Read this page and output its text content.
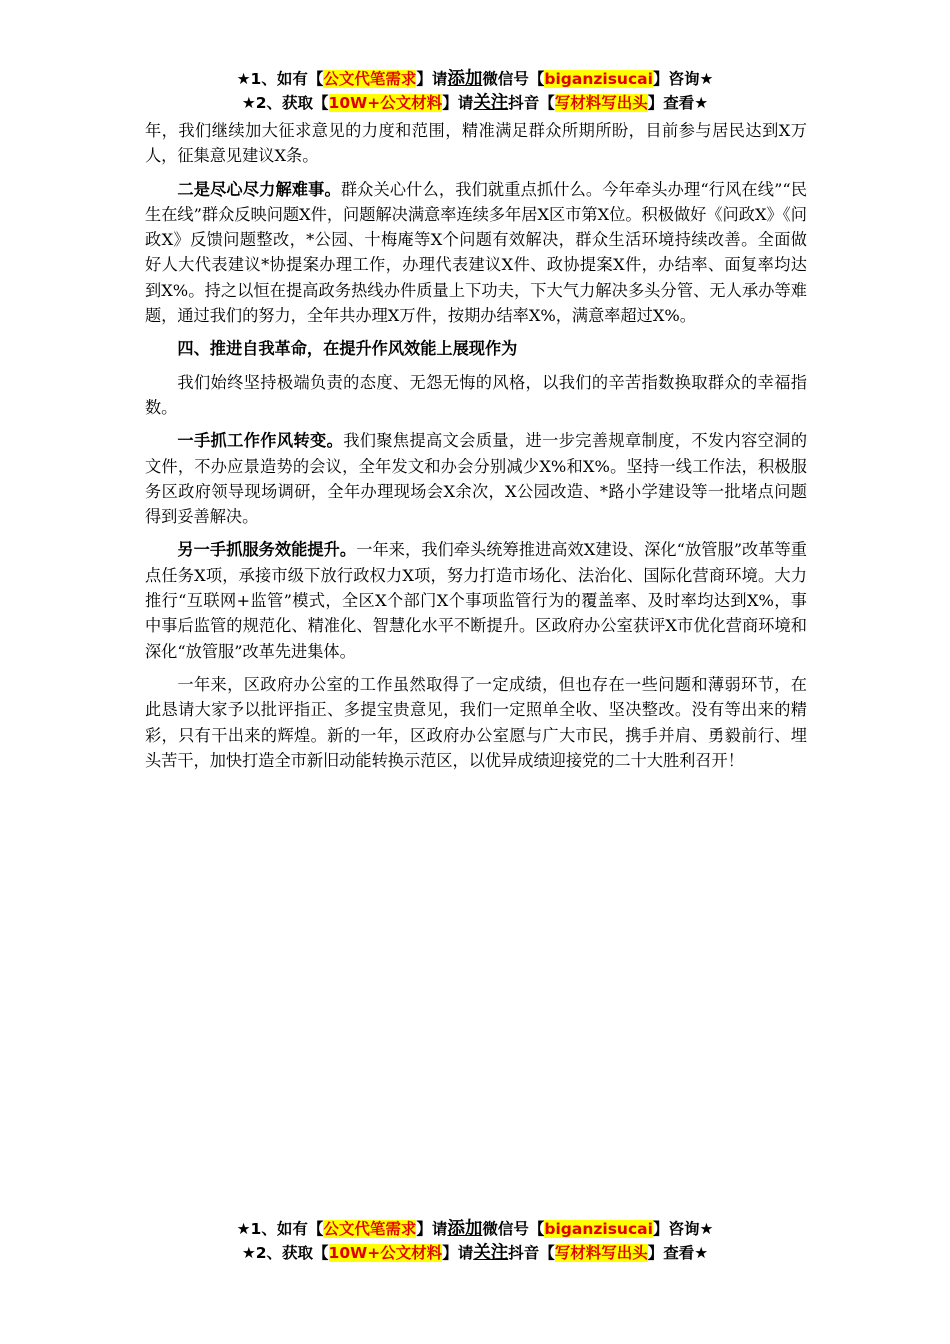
★1、如有【公文代笔需求】请添加微信号【biganzisucai】咨询★
★2、获取【10W+公文材料】请关注抖音【写材料写出头】查看★

年，我们继续加大征求意见的力度和范围，精准满足群众所期所盼，目前参与居民达到X万人，征集意见建议X条。

二是尽心尽力解难事。群众关心什么，我们就重点抓什么。今年牵头办理“行风在线”“民生在线”群众反映问题X件，问题解决满意率连续多年居X区市第X位。积极做好《问政X》《问政X》反馈问题整改，*公园、十梅庵等X个问题有效解决，群众生活环境持续改善。全面做好人大代表建议*协提案办理工作，办理代表建议X件、政协提案X件，办结率、面复率均达到X%。持之以恒在提高政务热线办件质量上下功夫，下大气力解决多头分管、无人承办等难题，通过我们的努力，全年共办理X万件，按期办结率X%，满意率超过X%。

四、推进自我革命，在提升作风效能上展现作为

我们始终坚持极端负责的态度、无怨无悔的风格，以我们的辛苦指数换取群众的幸福指数。

一手抓工作作风转变。我们聚焦提高文会质量，进一步完善规章制度，不发内容空洞的文件，不办应景造势的会议，全年发文和办会分别减少X%和X%。坚持一线工作法，积极服务区政府领导现场调研，全年办理现场会X余次，X公园改造、*路小学建设等一批堵点问题得到妥善解决。

另一手抓服务效能提升。一年来，我们牵头统筹推进高效X建设、深化“放管服”改革等重点任务X项，承接市级下放行政权力X项，努力打造市场化、法治化、国际化营商环境。大力推行“互联网+监管”模式，全区X个部门X个事项监管行为的覆盖率、及时率均达到X%，事中事后监管的规范化、精准化、智慧化水平不断提升。区政府办公室获评X市优化营商环境和深化“放管服”改革先进集体。

一年来，区政府办公室的工作虽然取得了一定成绩，但也存在一些问题和薄弱环节，在此恳请大家予以批评指正、多提宝贵意见，我们一定照单全收、坚决整改。没有等出来的精彩，只有干出来的辉煌。新的一年，区政府办公室愿与广大市民，携手并肩、勇毅前行、埋头苦干，加快打造全市新旧动能转换示范区，以优异成绩迎接党的二十大胜利召开！

★1、如有【公文代笔需求】请添加微信号【biganzisucai】咨询★
★2、获取【10W+公文材料】请关注抖音【写材料写出头】查看★
